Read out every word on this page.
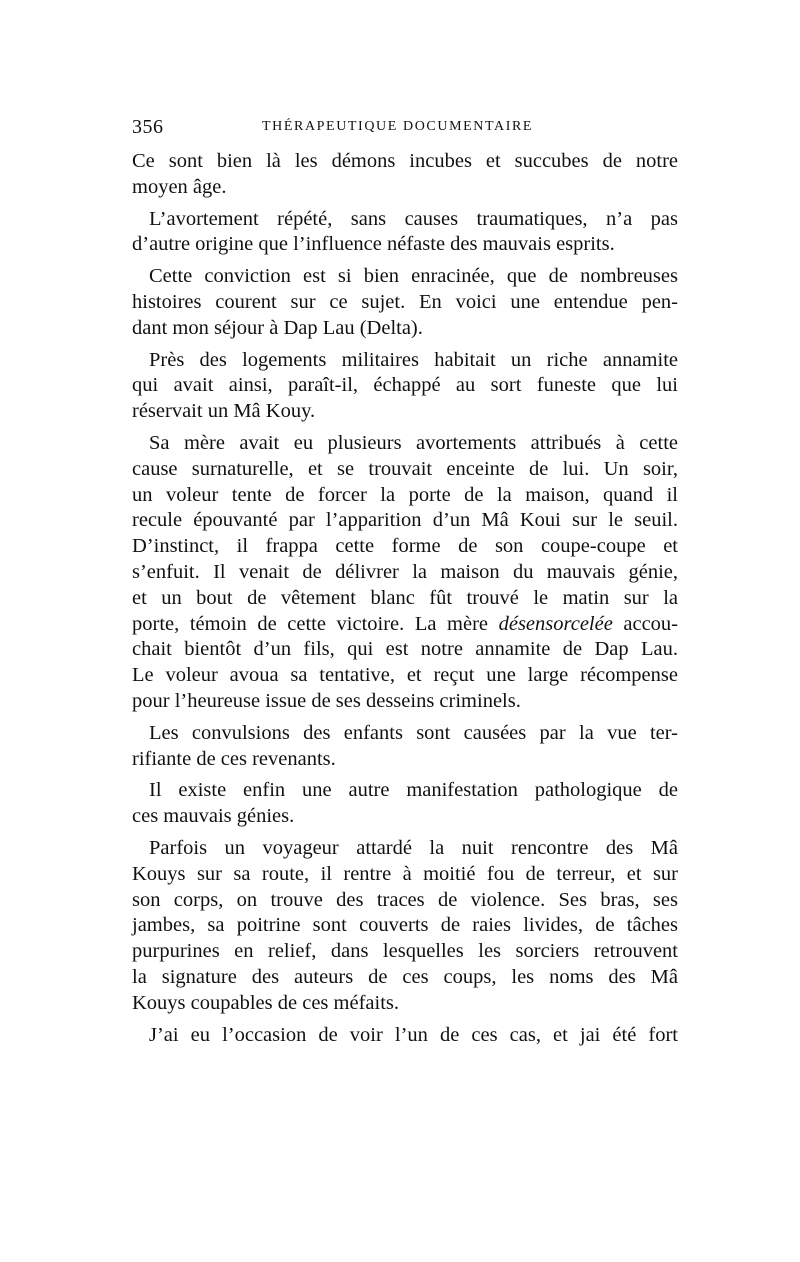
356	THÉRAPEUTIQUE DOCUMENTAIRE
Ce sont bien là les démons incubes et succubes de notre
moyen âge.
L’avortement répété, sans causes traumatiques, n’a pas
d’autre origine que l’influence néfaste des mauvais esprits.
Cette conviction est si bien enracinée, que de nombreuses
histoires courent sur ce sujet. En voici une entendue pen-
dant mon séjour à Dap Lau (Delta).
Près des logements militaires habitait un riche annamite
qui avait ainsi, paraît-il, échappé au sort funeste que lui
réservait un Mâ Kouy.
Sa mère avait eu plusieurs avortements attribués à cette
cause surnaturelle, et se trouvait enceinte de lui. Un soir,
un voleur tente de forcer la porte de la maison, quand il
recule épouvanté par l’apparition d’un Mâ Koui sur le seuil.
D’instinct, il frappa cette forme de son coupe-coupe et
s’enfuit. Il venait de délivrer la maison du mauvais génie,
et un bout de vêtement blanc fût trouvé le matin sur la
porte, témoin de cette victoire. La mère désensorcelée accou-
chait bientôt d’un fils, qui est notre annamite de Dap Lau.
Le voleur avoua sa tentative, et reçut une large récompense
pour l’heureuse issue de ses desseins criminels.
Les convulsions des enfants sont causées par la vue ter-
rifiante de ces revenants.
Il existe enfin une autre manifestation pathologique de
ces mauvais génies.
Parfois un voyageur attardé la nuit rencontre des Mâ
Kouys sur sa route, il rentre à moitié fou de terreur, et sur
son corps, on trouve des traces de violence. Ses bras, ses
jambes, sa poitrine sont couverts de raies livides, de tâches
purpurines en relief, dans lesquelles les sorciers retrouvent
la signature des auteurs de ces coups, les noms des Mâ
Kouys coupables de ces méfaits.
J’ai eu l’occasion de voir l’un de ces cas, et jai été fort
